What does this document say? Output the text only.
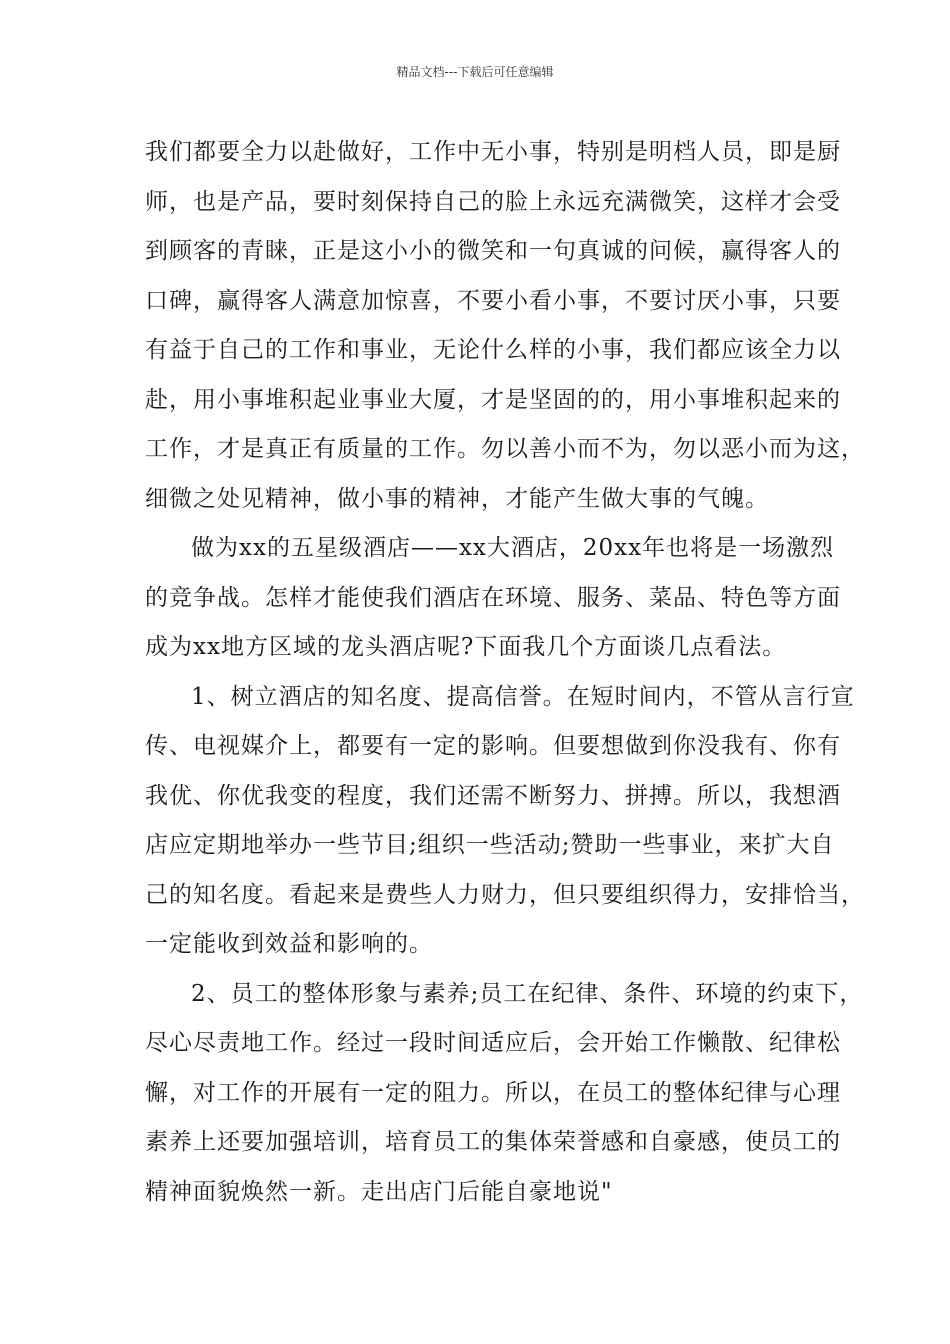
精品文档---下载后可任意编辑

我们都要全力以赴做好，工作中无小事，特别是明档人员，即是厨
师，也是产品，要时刻保持自己的脸上永远充满微笑，这样才会受
到顾客的青睐，正是这小小的微笑和一句真诚的问候，赢得客人的
口碑，赢得客人满意加惊喜，不要小看小事，不要讨厌小事，只要
有益于自己的工作和事业，无论什么样的小事，我们都应该全力以
赴，用小事堆积起业事业大厦，才是坚固的的，用小事堆积起来的
工作，才是真正有质量的工作。勿以善小而不为，勿以恶小而为这，
细微之处见精神，做小事的精神，才能产生做大事的气魄。

做为xx的五星级酒店——xx大酒店，20xx年也将是一场激烈
的竞争战。怎样才能使我们酒店在环境、服务、菜品、特色等方面
成为xx地方区域的龙头酒店呢?下面我几个方面谈几点看法。

1、树立酒店的知名度、提高信誉。在短时间内，不管从言行宣
传、电视媒介上，都要有一定的影响。但要想做到你没我有、你有
我优、你优我变的程度，我们还需不断努力、拼搏。所以，我想酒
店应定期地举办一些节目;组织一些活动;赞助一些事业，来扩大自
己的知名度。看起来是费些人力财力，但只要组织得力，安排恰当，
一定能收到效益和影响的。

2、员工的整体形象与素养;员工在纪律、条件、环境的约束下，
尽心尽责地工作。经过一段时间适应后，会开始工作懒散、纪律松
懈，对工作的开展有一定的阻力。所以，在员工的整体纪律与心理
素养上还要加强培训，培育员工的集体荣誉感和自豪感，使员工的
精神面貌焕然一新。走出店门后能自豪地说"
